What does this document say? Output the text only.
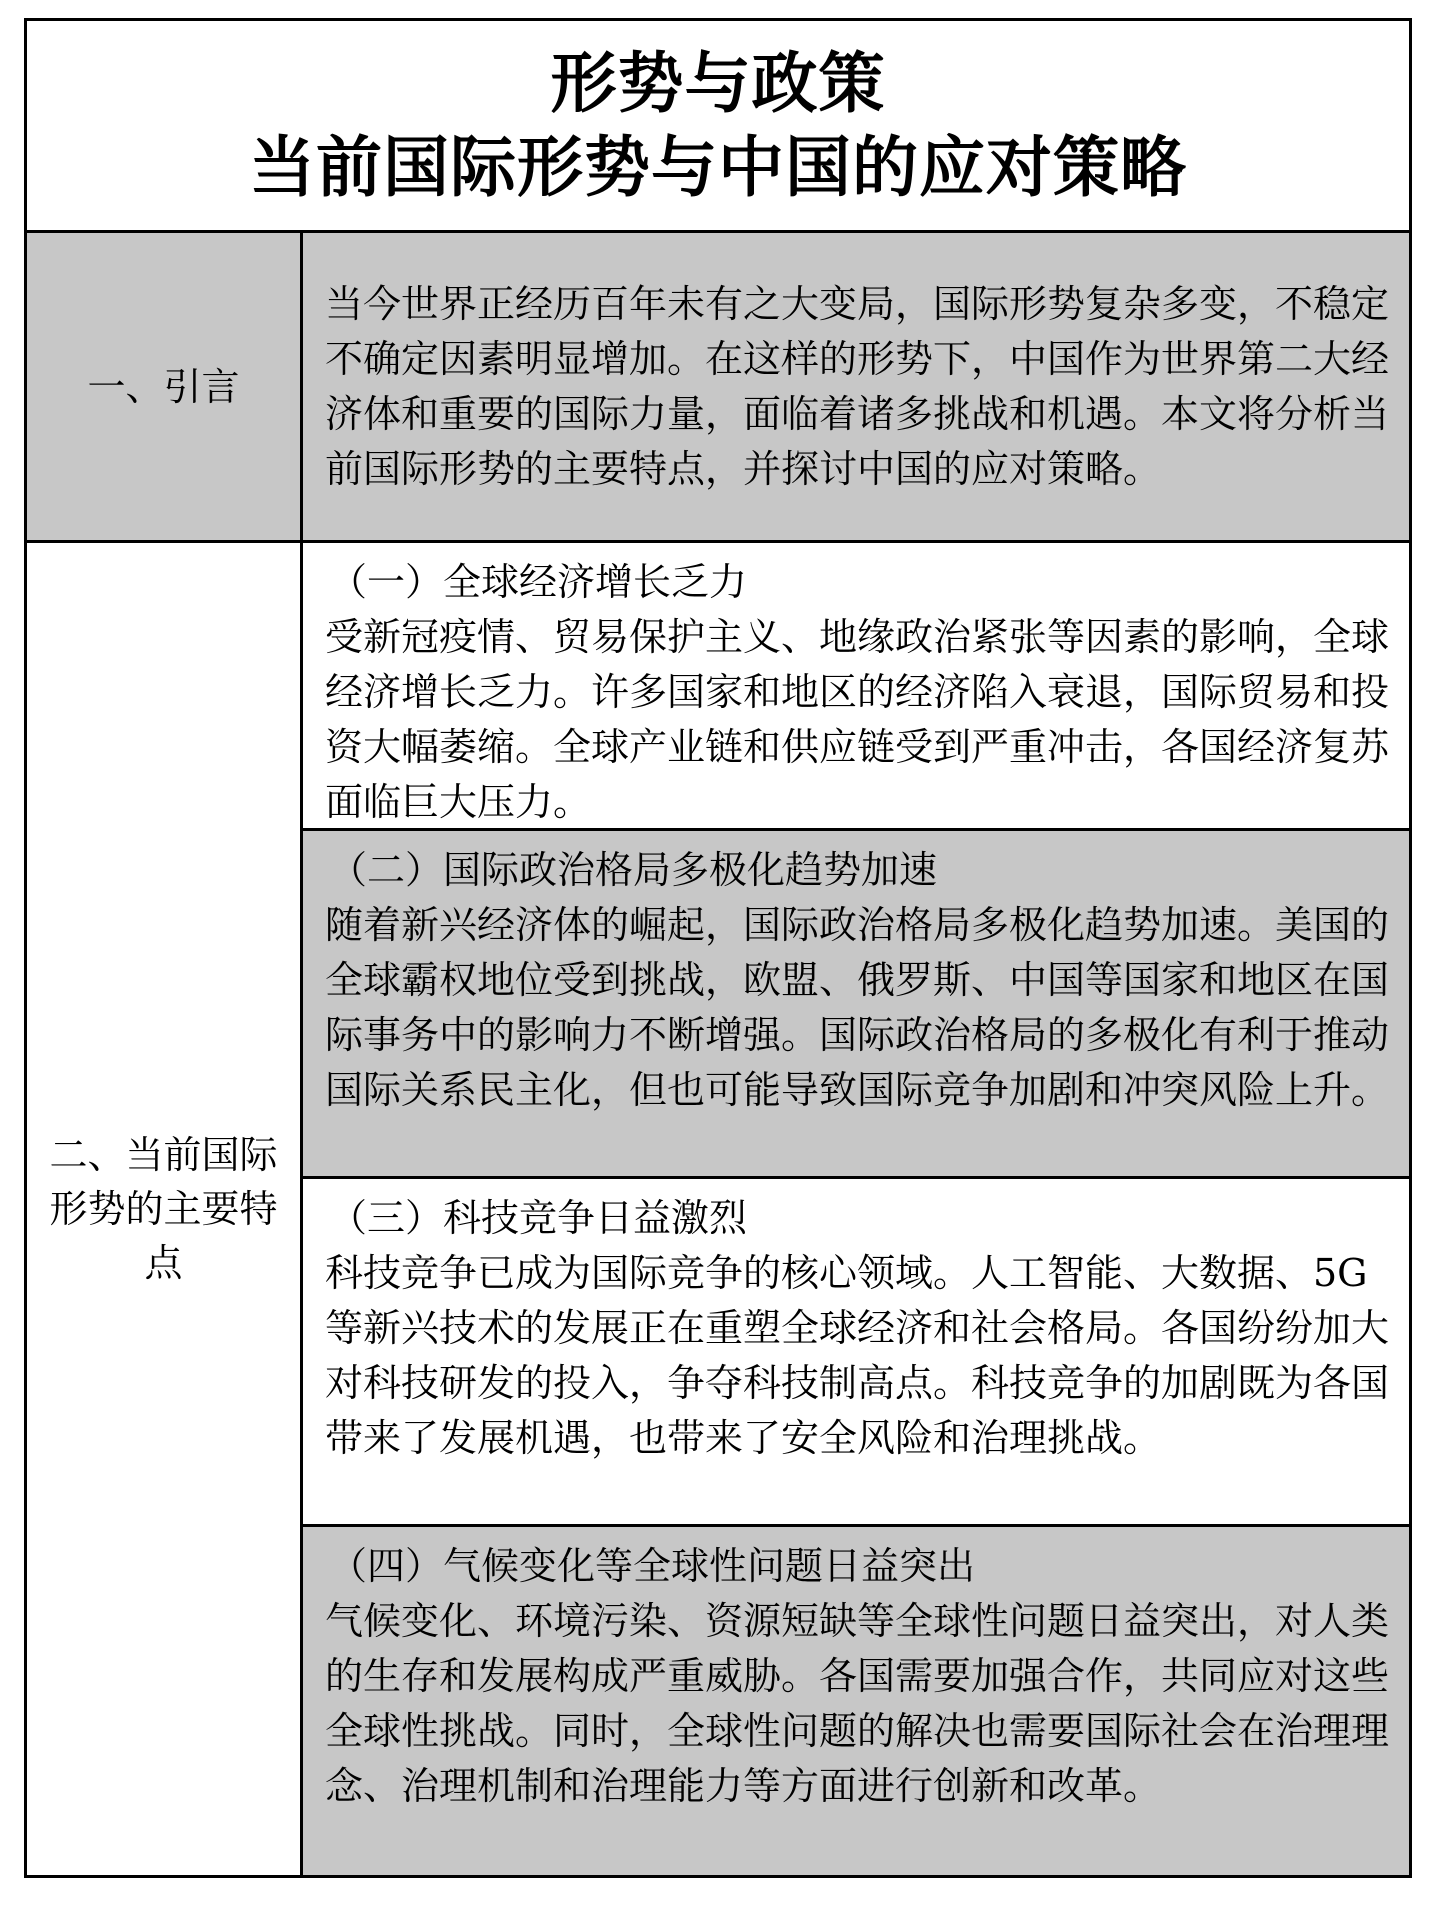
形势与政策
当前国际形势与中国的应对策略
一、引言
当今世界正经历百年未有之大变局，国际形势复杂多变，不稳定不确定因素明显增加。在这样的形势下，中国作为世界第二大经济体和重要的国际力量，面临着诸多挑战和机遇。本文将分析当前国际形势的主要特点，并探讨中国的应对策略。
二、当前国际形势的主要特点
（一）全球经济增长乏力
受新冠疫情、贸易保护主义、地缘政治紧张等因素的影响，全球经济增长乏力。许多国家和地区的经济陷入衰退，国际贸易和投资大幅萎缩。全球产业链和供应链受到严重冲击，各国经济复苏面临巨大压力。
（二）国际政治格局多极化趋势加速
随着新兴经济体的崛起，国际政治格局多极化趋势加速。美国的全球霸权地位受到挑战，欧盟、俄罗斯、中国等国家和地区在国际事务中的影响力不断增强。国际政治格局的多极化有利于推动国际关系民主化，但也可能导致国际竞争加剧和冲突风险上升。
（三）科技竞争日益激烈
科技竞争已成为国际竞争的核心领域。人工智能、大数据、5G 等新兴技术的发展正在重塑全球经济和社会格局。各国纷纷加大对科技研发的投入，争夺科技制高点。科技竞争的加剧既为各国带来了发展机遇，也带来了安全风险和治理挑战。
（四）气候变化等全球性问题日益突出
气候变化、环境污染、资源短缺等全球性问题日益突出，对人类的生存和发展构成严重威胁。各国需要加强合作，共同应对这些全球性挑战。同时，全球性问题的解决也需要国际社会在治理理念、治理机制和治理能力等方面进行创新和改革。
